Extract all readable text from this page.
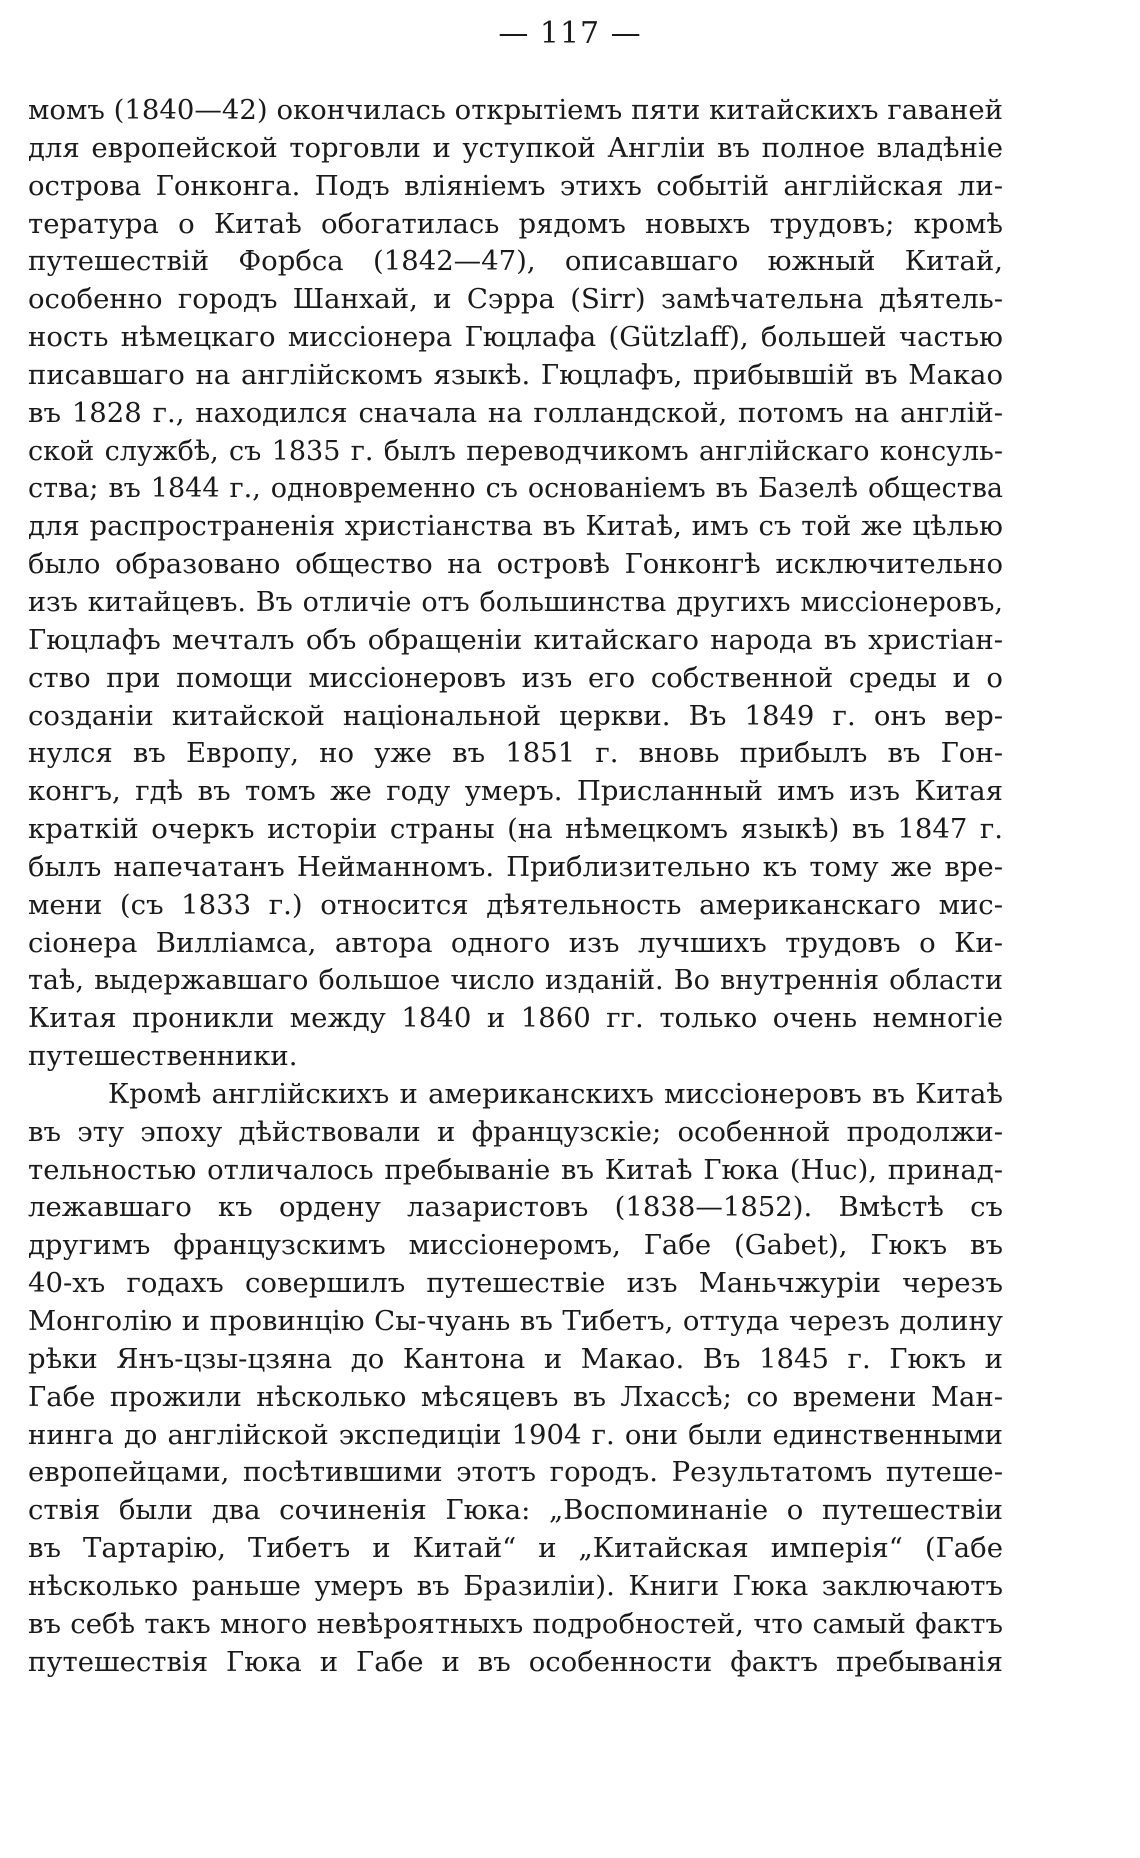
— 117 —
момъ (1840—42) окончилась открытіемъ пяти китайскихъ гаваней
для европейской торговли и уступкой Англіи въ полное владѣніе
острова Гонконга. Подъ вліяніемъ этихъ событій англійская ли-
тература о Китаѣ обогатилась рядомъ новыхъ трудовъ; кромѣ
путешествій Форбса (1842—47), описавшаго южный Китай,
особенно городъ Шанхай, и Сэрра (Sirr) замѣчательна дѣятель-
ность нѣмецкаго миссіонера Гюцлафа (Gützlaff), большей частью
писавшаго на англійскомъ языкѣ. Гюцлафъ, прибывшій въ Макао
въ 1828 г., находился сначала на голландской, потомъ на англій-
ской службѣ, съ 1835 г. былъ переводчикомъ англійскаго консуль-
ства; въ 1844 г., одновременно съ основаніемъ въ Базелѣ общества
для распространенія христіанства въ Китаѣ, имъ съ той же цѣлью
было образовано общество на островѣ Гонконгѣ исключительно
изъ китайцевъ. Въ отличіе отъ большинства другихъ миссіонеровъ,
Гюцлафъ мечталъ объ обращеніи китайскаго народа въ христіан-
ство при помощи миссіонеровъ изъ его собственной среды и о
созданіи китайской національной церкви. Въ 1849 г. онъ вер-
нулся въ Европу, но уже въ 1851 г. вновь прибылъ въ Гон-
конгъ, гдѣ въ томъ же году умеръ. Присланный имъ изъ Китая
краткій очеркъ исторіи страны (на нѣмецкомъ языкѣ) въ 1847 г.
былъ напечатанъ Нейманномъ. Приблизительно къ тому же вре-
мени (съ 1833 г.) относится дѣятельность американскаго мис-
сіонера Вилліамса, автора одного изъ лучшихъ трудовъ о Ки-
таѣ, выдержавшаго большое число изданій. Во внутреннія области
Китая проникли между 1840 и 1860 гг. только очень немногіе
путешественники.
Кромѣ англійскихъ и американскихъ миссіонеровъ въ Китаѣ
въ эту эпоху дѣйствовали и французскіе; особенной продолжи-
тельностью отличалось пребываніе въ Китаѣ Гюка (Huc), принад-
лежавшаго къ ордену лазаристовъ (1838—1852). Вмѣстѣ съ
другимъ французскимъ миссіонеромъ, Габе (Gabet), Гюкъ въ
40-хъ годахъ совершилъ путешествіе изъ Маньчжуріи черезъ
Монголію и провинцію Сы-чуань въ Тибетъ, оттуда черезъ долину
рѣки Янъ-цзы-цзяна до Кантона и Макао. Въ 1845 г. Гюкъ и
Габе прожили нѣсколько мѣсяцевъ въ Лхассѣ; со времени Ман-
нинга до англійской экспедиціи 1904 г. они были единственными
европейцами, посѣтившими этотъ городъ. Результатомъ путеше-
ствія были два сочиненія Гюка: „Воспоминаніе о путешествіи
въ Тартарію, Тибетъ и Китай“ и „Китайская имперія“ (Габе
нѣсколько раньше умеръ въ Бразиліи). Книги Гюка заключаютъ
въ себѣ такъ много невѣроятныхъ подробностей, что самый фактъ
путешествія Гюка и Габе и въ особенности фактъ пребыванія
